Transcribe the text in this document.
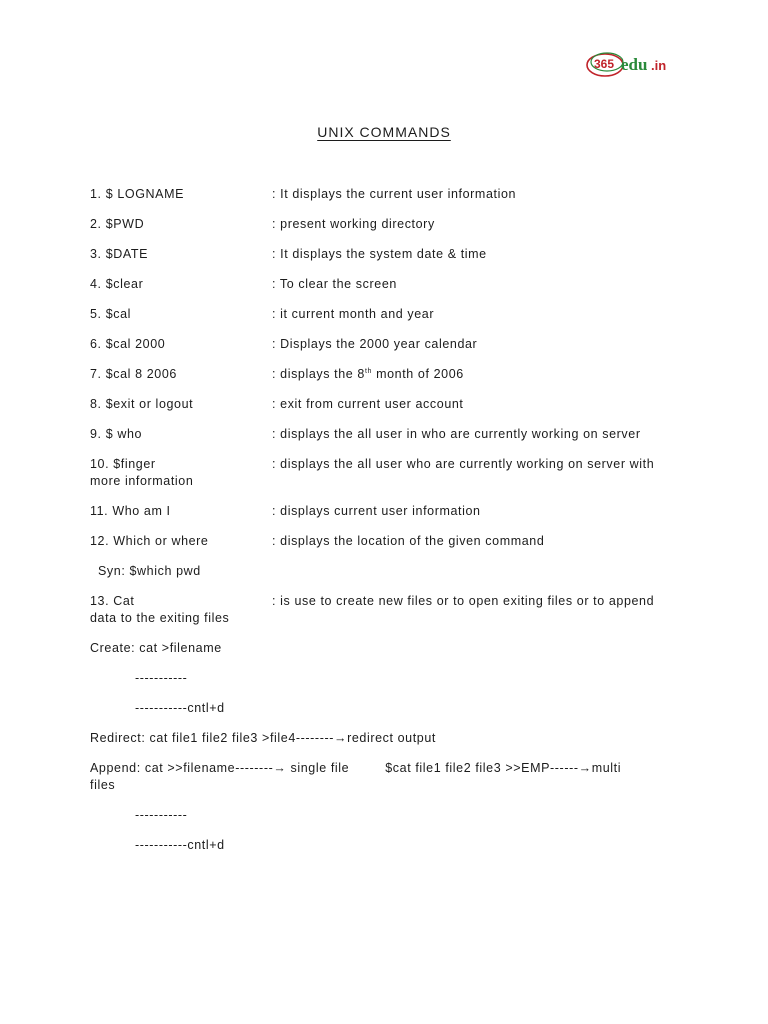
365 edu .in
UNIX COMMANDS
1. $ LOGNAME	: It displays the current user information
2. $PWD	: present working directory
3. $DATE	: It displays the system date & time
4. $clear	: To clear the screen
5. $cal	: it current month and year
6. $cal 2000	: Displays the 2000 year calendar
7. $cal 8 2006	: displays the 8th month of 2006
8. $exit or logout	: exit from current user account
9. $ who	: displays the all user in who are currently working on server
10. $finger	: displays the all user who are currently working on server with
more information
11. Who am I	: displays current user information
12. Which or where	: displays the location of the given command
Syn: $which pwd
13. Cat	: is use to create new files or to open exiting files or to append
data to the exiting files
Create: cat >filename
-----------
-----------cntl+d
Redirect: cat file1 file2 file3 >file4--------→redirect output
Append: cat >>filename--------→ single file	$cat file1 file2 file3 >>EMP------→multi
files
-----------
-----------cntl+d
